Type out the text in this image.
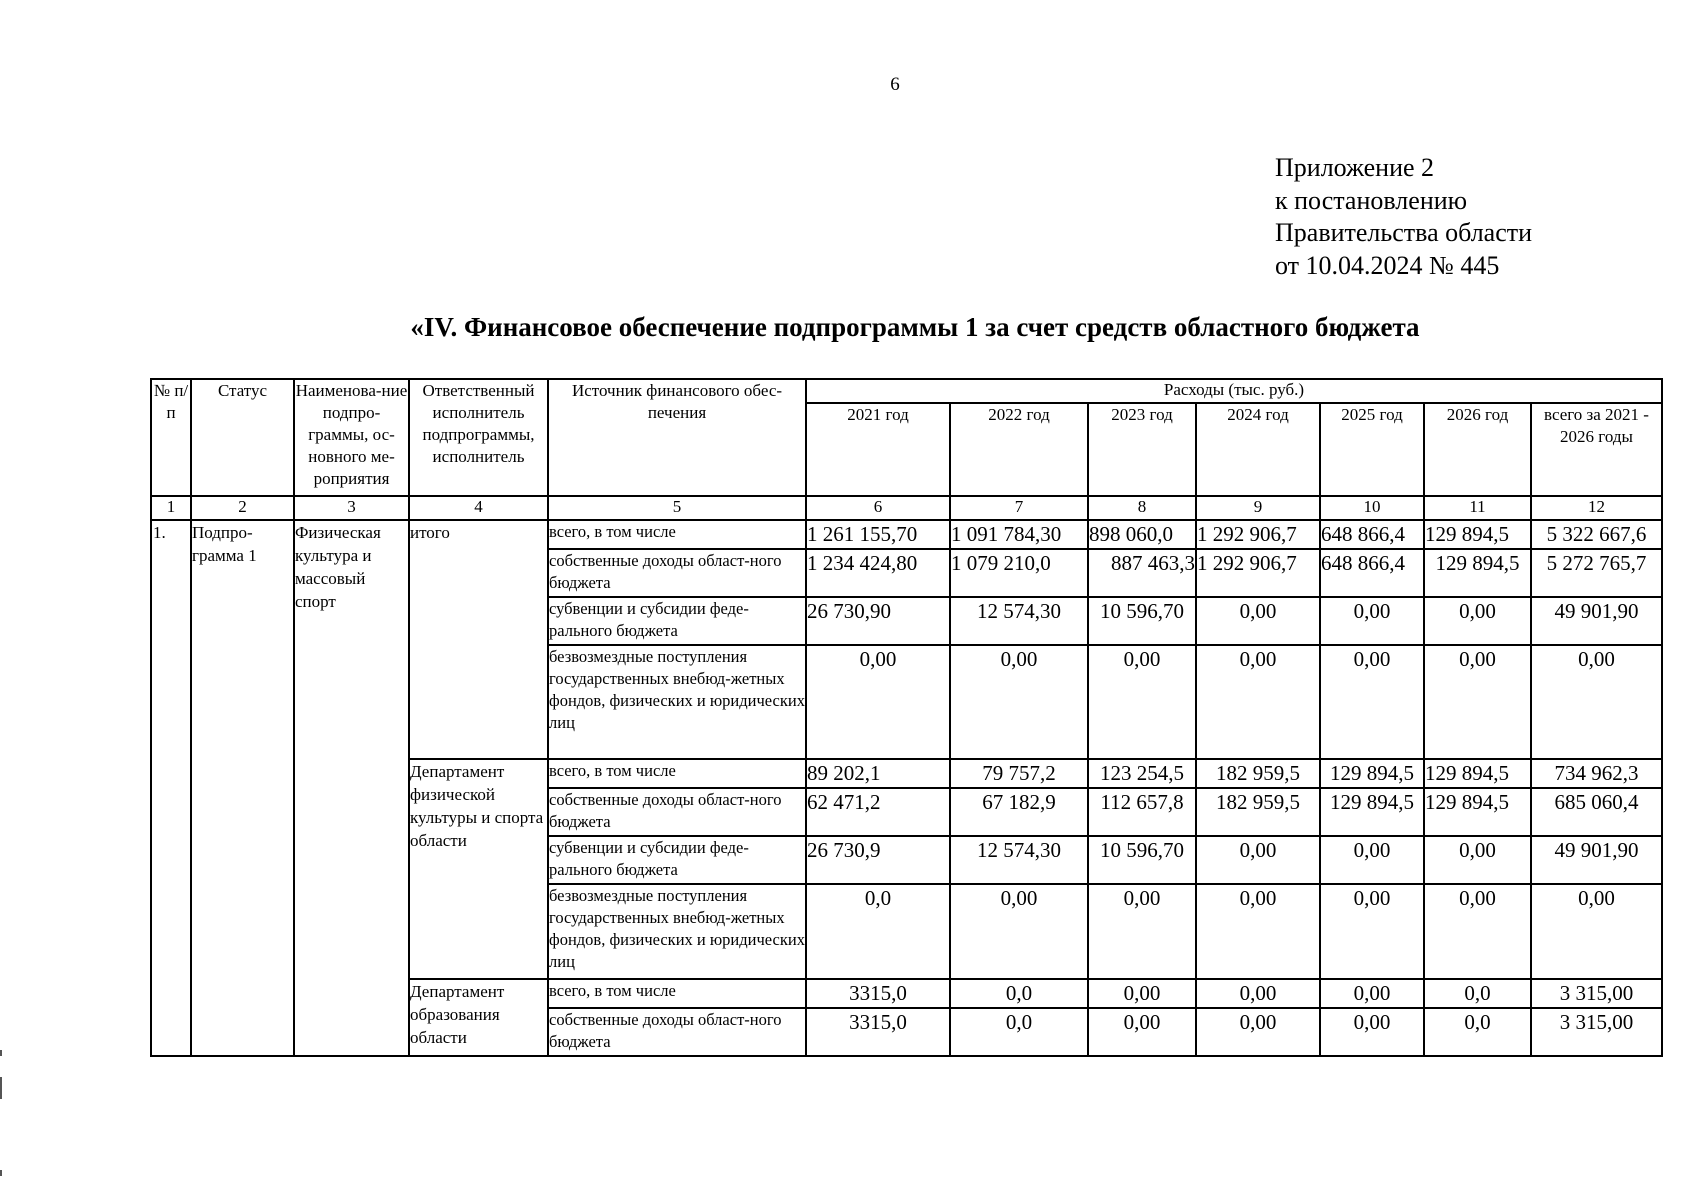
6
Приложение 2
к постановлению
Правительства области
от 10.04.2024 № 445
«IV. Финансовое обеспечение подпрограммы 1 за счет средств областного бюджета
№ п/п	Статус	Наименова-ние подпро-граммы, ос-новного ме-роприятия	Ответственный исполнитель подпрограммы, исполнитель	Источник финансового обес-печения	Расходы (тыс. руб.)						
					2021 год	2022 год	2023 год	2024 год	2025 год	2026 год	всего за 2021 - 2026 годы
1	2	3	4	5	6	7	8	9	10	11	12
1.	Подпро-грамма 1	Физическая культура и массовый спорт	итого	всего, в том числе	1 261 155,70	1 091 784,30	898 060,0	1 292 906,7	648 866,4	129 894,5	5 322 667,6
				собственные доходы област-ного бюджета	1 234 424,80	1 079 210,0	887 463,3	1 292 906,7	648 866,4	129 894,5	5 272 765,7
				субвенции и субсидии феде-рального бюджета	26 730,90	12 574,30	10 596,70	0,00	0,00	0,00	49 901,90
				безвозмездные поступления государственных внебюд-жетных фондов, физических и юридических лиц	0,00	0,00	0,00	0,00	0,00	0,00	0,00
			Департамент физической культуры и спорта области	всего, в том числе	89 202,1	79 757,2	123 254,5	182 959,5	129 894,5	129 894,5	734 962,3
				собственные доходы област-ного бюджета	62 471,2	67 182,9	112 657,8	182 959,5	129 894,5	129 894,5	685 060,4
				субвенции и субсидии феде-рального бюджета	26 730,9	12 574,30	10 596,70	0,00	0,00	0,00	49 901,90
				безвозмездные поступления государственных внебюд-жетных фондов, физических и юридических лиц	0,0	0,00	0,00	0,00	0,00	0,00	0,00
			Департамент образования области	всего, в том числе	3315,0	0,0	0,00	0,00	0,00	0,0	3 315,00
				собственные доходы област-ного бюджета	3315,0	0,0	0,00	0,00	0,00	0,0	3 315,00
